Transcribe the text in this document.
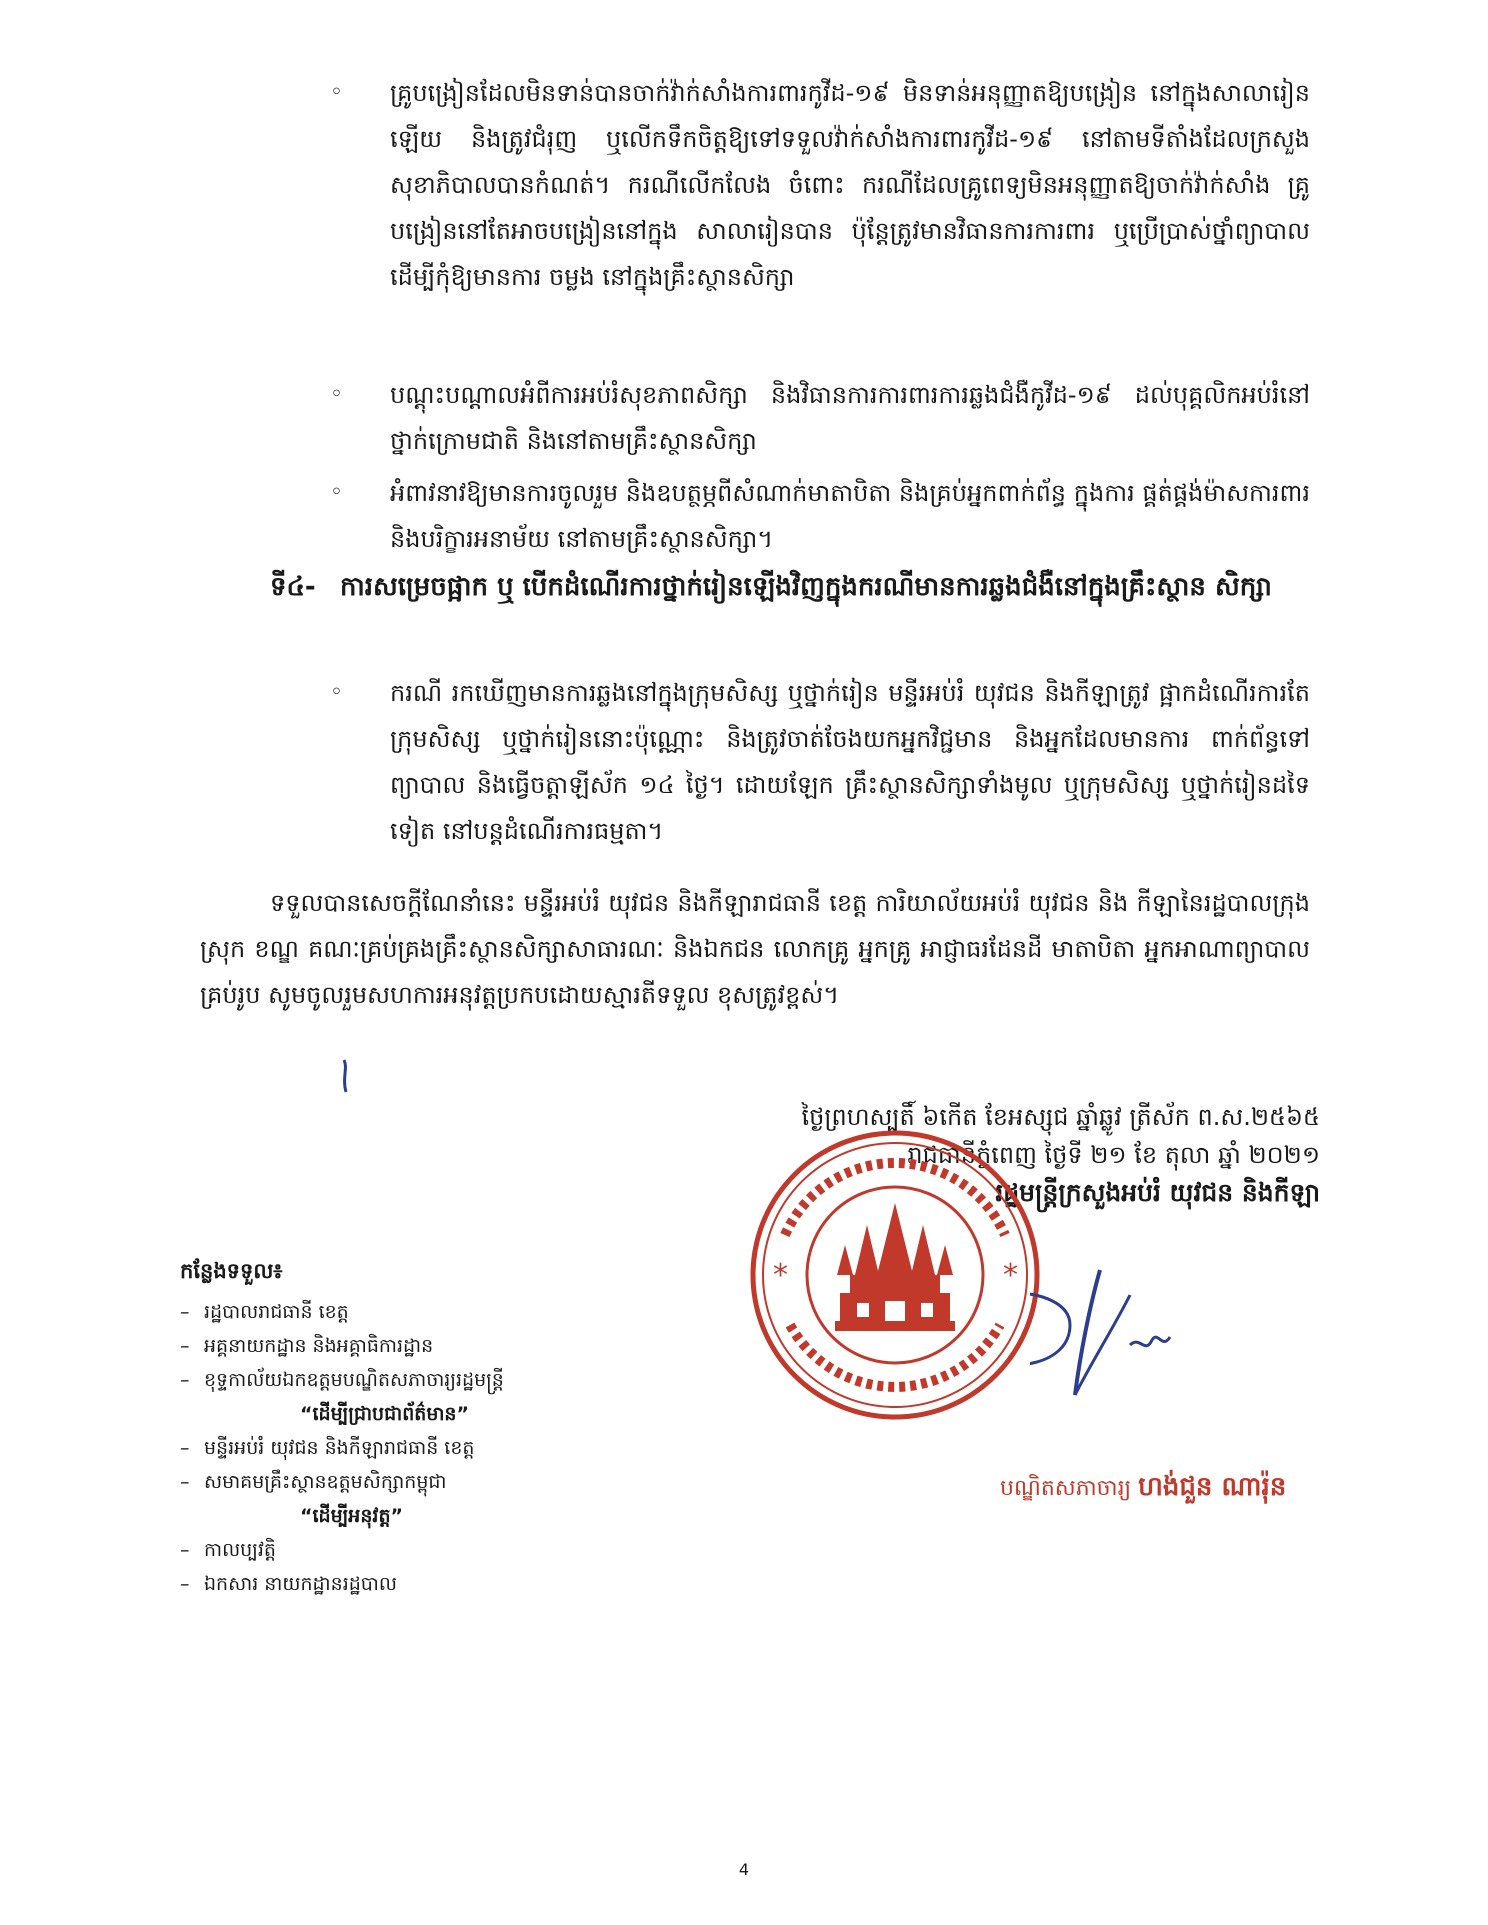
◦ គ្រូបង្រៀនដែលមិនទាន់បានចាក់វ៉ាក់សាំងការពារកូវីដ-១៩ មិនទាន់អនុញ្ញាតឱ្យបង្រៀន នៅក្នុងសាលារៀនឡើយ និងត្រូវជំរុញ ឬលើកទឹកចិត្តឱ្យទៅទទួលវ៉ាក់សាំងការពារកូវីដ-១៩ នៅតាមទីតាំងដែលក្រសួងសុខាភិបាលបានកំណត់។ ករណីលើកលែង ចំពោះ ករណីដែលគ្រូពេទ្យមិនអនុញ្ញាតឱ្យចាក់វ៉ាក់សាំង គ្រូបង្រៀននៅតែអាចបង្រៀននៅក្នុង សាលារៀនបាន ប៉ុន្តែត្រូវមានវិធានការការពារ ឬប្រើប្រាស់ថ្នាំព្យាបាល ដើម្បីកុំឱ្យមានការ ចម្លង នៅក្នុងគ្រឹះស្ថានសិក្សា
◦ បណ្តុះបណ្តាលអំពីការអប់រំសុខភាពសិក្សា និងវិធានការការពារការឆ្លងជំងឺកូវីដ-១៩ ដល់បុគ្គលិកអប់រំនៅថ្នាក់ក្រោមជាតិ និងនៅតាមគ្រឹះស្ថានសិក្សា
◦ អំពាវនាវឱ្យមានការចូលរួម និងឧបត្ថម្ភពីសំណាក់មាតាបិតា និងគ្រប់អ្នកពាក់ព័ន្ធ ក្នុងការ ផ្គត់ផ្គង់ម៉ាសការពារ និងបរិក្ខារអនាម័យ នៅតាមគ្រឹះស្ថានសិក្សា។
ទី៤- ការសម្រេចផ្អាក ឬ បើកដំណើរការថ្នាក់រៀនឡើងវិញក្នុងករណីមានការឆ្លងជំងឺនៅក្នុងគ្រឹះស្ថាន សិក្សា
◦ ករណី រកឃើញមានការឆ្លងនៅក្នុងក្រុមសិស្ស ឬថ្នាក់រៀន មន្ទីរអប់រំ យុវជន និងកីឡាត្រូវ ផ្អាកដំណើរការតែក្រុមសិស្ស ឬថ្នាក់រៀននោះប៉ុណ្ណោះ និងត្រូវចាត់ចែងយកអ្នកវិជ្ជមាន និងអ្នកដែលមានការ ពាក់ព័ន្ធទៅព្យាបាល និងធ្វើចត្តាឡីស័ក ១៤ ថ្ងៃ។ ដោយឡែក គ្រឹះស្ថានសិក្សាទាំងមូល ឬក្រុមសិស្ស ឬថ្នាក់រៀនដទៃទៀត នៅបន្តដំណើរការធម្មតា។
ទទួលបានសេចក្តីណែនាំនេះ មន្ទីរអប់រំ យុវជន និងកីឡារាជធានី ខេត្ត ការិយាល័យអប់រំ យុវជន និង កីឡានៃរដ្ឋបាលក្រុង ស្រុក ខណ្ឌ គណៈគ្រប់គ្រងគ្រឹះស្ថានសិក្សាសាធារណៈ និងឯកជន លោកគ្រូ អ្នកគ្រូ អាជ្ញាធរដែនដី មាតាបិតា អ្នកអាណាព្យាបាលគ្រប់រូប សូមចូលរួមសហការអនុវត្តប្រកបដោយស្មារតីទទួល ខុសត្រូវខ្ពស់។
ថ្ងៃព្រហស្បតិ៍ ៦កើត ខែអស្សុជ ឆ្នាំឆ្លូវ ត្រីស័ក ព.ស.២៥៦៥
រាជធានីភ្នំពេញ ថ្ងៃទី ២១ ខែ តុលា ឆ្នាំ ២០២១
រដ្ឋមន្ត្រីក្រសួងអប់រំ យុវជន និងកីឡា
*	*
បណ្ឌិតសភាចារ្យ ហង់ជួន ណារ៉ុន
កន្លែងទទួល៖
– រដ្ឋបាលរាជធានី ខេត្ត
– អគ្គនាយកដ្ឋាន និងអគ្គាធិការដ្ឋាន
– ខុទ្ទកាល័យឯកឧត្តមបណ្ឌិតសភាចារ្យរដ្ឋមន្ត្រី
“ដើម្បីជ្រាបជាព័ត៌មាន”
– មន្ទីរអប់រំ យុវជន និងកីឡារាជធានី ខេត្ត
– សមាគមគ្រឹះស្ថានឧត្តមសិក្សាកម្ពុជា
“ដើម្បីអនុវត្ត”
– កាលប្បវត្តិ
– ឯកសារ នាយកដ្ឋានរដ្ឋបាល
4
